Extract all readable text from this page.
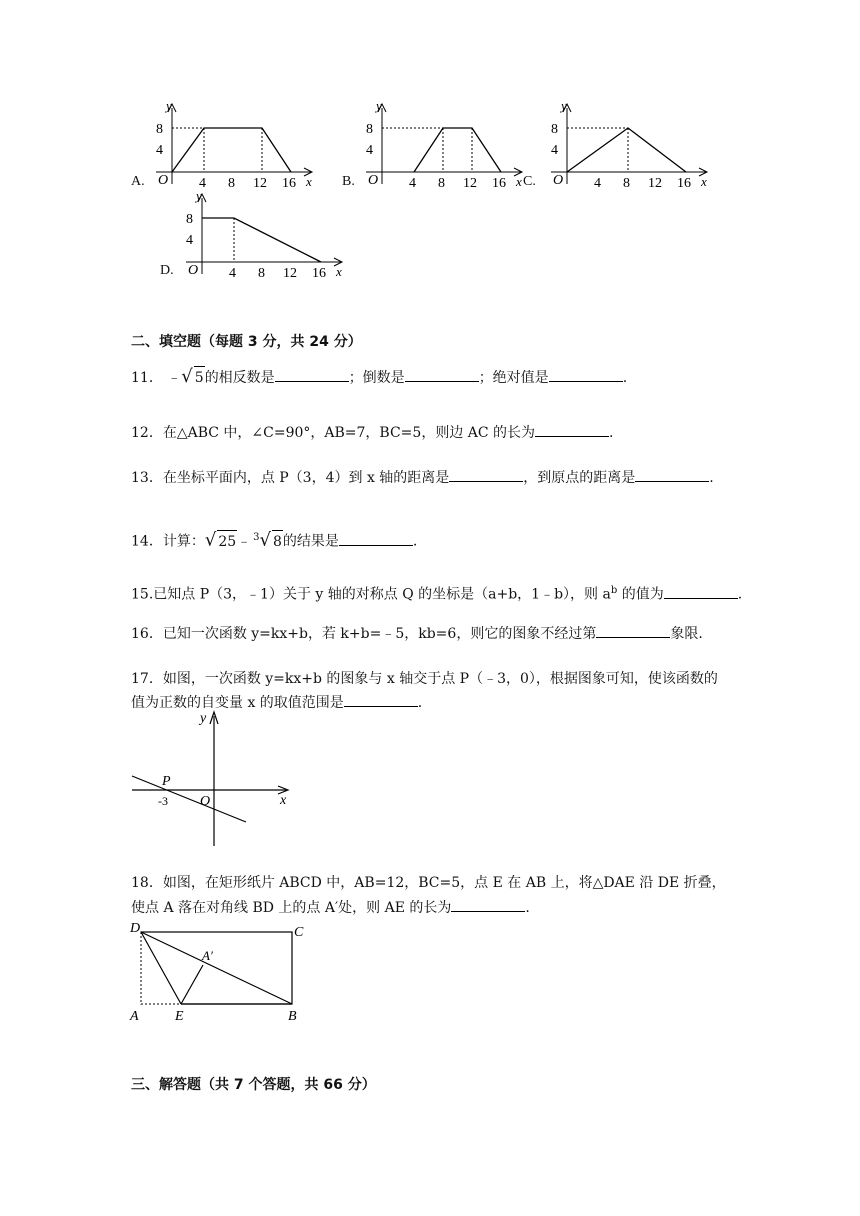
A.
y
x
O
8
4
4 8 12 16	B.
y
x
O
8
4
4 8 12 16 C.
y
x
O
8
4
4 8 12 16
D.
y
x
O
8
4
4 8 12 16
二、填空题（每题 3 分，共 24 分）
11． ﹣√ 5的相反数是	；倒数是	；绝对值是	.
12．在△ABC 中，∠C=90°，AB=7，BC=5，则边 AC 的长为	.
13．在坐标平面内，点 P（3，4）到 x 轴的距离是	，到原点的距离是	.
14．计算：√ 25﹣ $^3$√ 8的结果是	.
15.已知点 P（3，﹣1）关于 y 轴的对称点 Q 的坐标是（a+b，1﹣b），则 $a^b$ 的值为	.
16．已知一次函数 y=kx+b，若 k+b=﹣5，kb=6，则它的图象不经过第	象限.
17．如图，一次函数 y=kx+b 的图象与 x 轴交于点 P（﹣3，0），根据图象可知，使该函数的
值为正数的自变量 x 的取值范围是	.
y
x
P
-3 O
18．如图，在矩形纸片 ABCD 中，AB=12，BC=5，点 E 在 AB 上，将△DAE 沿 DE 折叠，
使点 A 落在对角线 BD 上的点 A′处，则 AE 的长为	.
D	C
A	E	B
A′
三、解答题（共 7 个答题，共 66 分）
